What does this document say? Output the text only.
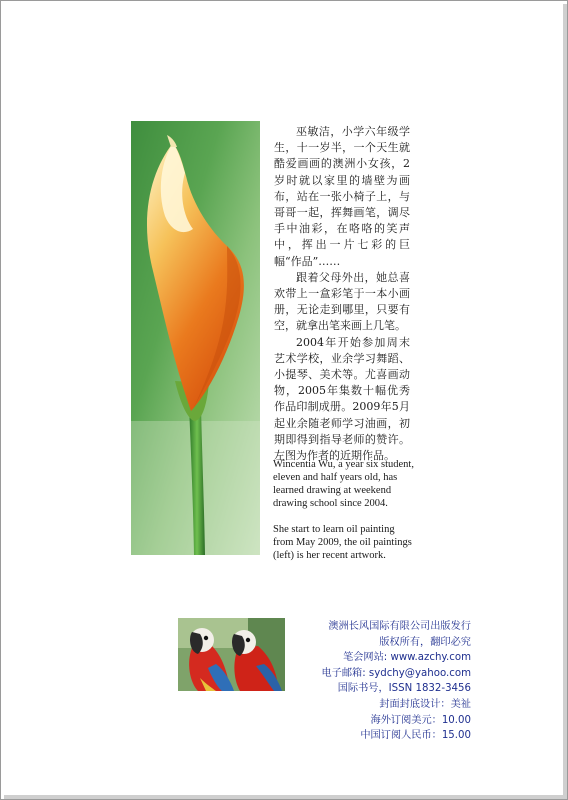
巫敏洁，小学六年级学生，十一岁半，一个天生就酷爱画画的澳洲小女孩，2岁时就以家里的墙壁为画布，站在一张小椅子上，与哥哥一起，挥舞画笔，调尽手中油彩，在咯咯的笑声中，挥出一片七彩的巨幅“作品”……

跟着父母外出，她总喜欢带上一盒彩笔于一本小画册，无论走到哪里，只要有空，就拿出笔来画上几笔。

2004年开始参加周末艺术学校，业余学习舞蹈、小提琴、美术等。尤喜画动物，2005年集数十幅优秀作品印制成册。2009年5月起业余随老师学习油画，初期即得到指导老师的赞许。左图为作者的近期作品。

Wincentia Wu, a year six student, eleven and half years old, has learned drawing at weekend drawing school since 2004.

She start to learn oil painting from May 2009, the oil paintings (left) is her recent artwork.

澳洲长风国际有限公司出版发行
版权所有，翻印必究
笔会网站: www.azchy.com
电子邮箱: sydchy@yahoo.com
国际书号，ISSN 1832-3456
封面封底设计：美祉
海外订阅美元：10.00
中国订阅人民币：15.00
